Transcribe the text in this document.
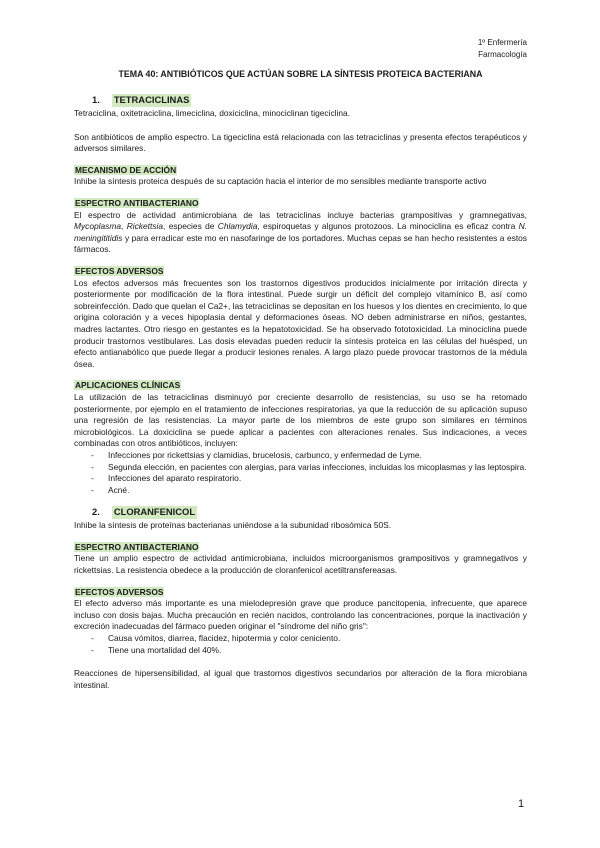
1º Enfermería
Farmacología
TEMA 40: ANTIBIÓTICOS QUE ACTÚAN SOBRE LA SÍNTESIS PROTEICA BACTERIANA
1. TETRACICLINAS

Tetraciclina, oxitetraciclina, limeciclina, doxiciclina, minociclinan tigeciclina.

Son antibióticos de amplio espectro. La tigeciclina está relacionada con las tetraciclinas y presenta efectos terapéuticos y adversos similares.

MECANISMO DE ACCIÓN

Inhibe la síntesis proteica después de su captación hacia el interior de mo sensibles mediante transporte activo

ESPECTRO ANTIBACTERIANO

El espectro de actividad antimicrobiana de las tetraciclinas incluye bacterias grampositivas y gramnegativas, Mycoplasma, Rickettsia, especies de Chlamydia, espiroquetas y algunos protozoos. La minociclina es eficaz contra N. meningititidis y para erradicar este mo en nasofaringe de los portadores. Muchas cepas se han hecho resistentes a estos fármacos.

EFECTOS ADVERSOS

Los efectos adversos más frecuentes son los trastornos digestivos producidos inicialmente por irritación directa y posteriormente por modificación de la flora intestinal. Puede surgir un déficit del complejo vitamínico B, así como sobreinfección. Dado que quelan el Ca2+, las tetraciclinas se depositan en los huesos y los dientes en crecimiento, lo que origina coloración y a veces hipoplasia dental y deformaciones óseas. NO deben administrarse en niños, gestantes, madres lactantes. Otro riesgo en gestantes es la hepatotoxicidad. Se ha observado fototoxicidad. La minociclina puede producir trastornos vestibulares. Las dosis elevadas pueden reducir la síntesis proteica en las células del huésped, un efecto antianabólico que puede llegar a producir lesiones renales. A largo plazo puede provocar trastornos de la médula ósea.

APLICACIONES CLÍNICAS

La utilización de las tetraciclinas disminuyó por creciente desarrollo de resistencias, su uso se ha retomado posteriormente, por ejemplo en el tratamiento de infecciones respiratorias, ya que la reducción de su aplicación supuso una regresión de las resistencias. La mayor parte de los miembros de este grupo son similares en términos microbiológicos. La doxiciclina se puede aplicar a pacientes con alteraciones renales. Sus indicaciones, a veces combinadas con otros antibióticos, incluyen:

- Infecciones por rickettsias y clamidias, brucelosis, carbunco, y enfermedad de Lyme.
- Segunda elección, en pacientes con alergias, para varias infecciones, incluidas los micoplasmas y las leptospira.
- Infecciones del aparato respiratorio.
- Acné.
2. CLORANFENICOL

Inhibe la síntesis de proteínas bacterianas uniéndose a la subunidad ribosómica 50S.

ESPECTRO ANTIBACTERIANO

Tiene un amplio espectro de actividad antimicrobiana, incluidos microorganismos grampositivos y gramnegativos y rickettsias. La resistencia obedece a la producción de cloranfenicol acetiltransfereasas.

EFECTOS ADVERSOS

El efecto adverso más importante es una mielodepresión grave que produce pancitopenia, infrecuente, que aparece incluso con dosis bajas. Mucha precaución en recién nacidos, controlando las concentraciones, porque la inactivación y excreción inadecuadas del fármaco pueden originar el "síndrome del niño gris":

- Causa vómitos, diarrea, flacidez, hipotermia y color ceniciento.
- Tiene una mortalidad del 40%.

Reacciones de hipersensibilidad, al igual que trastornos digestivos secundarios por alteración de la flora microbiana intestinal.

1
